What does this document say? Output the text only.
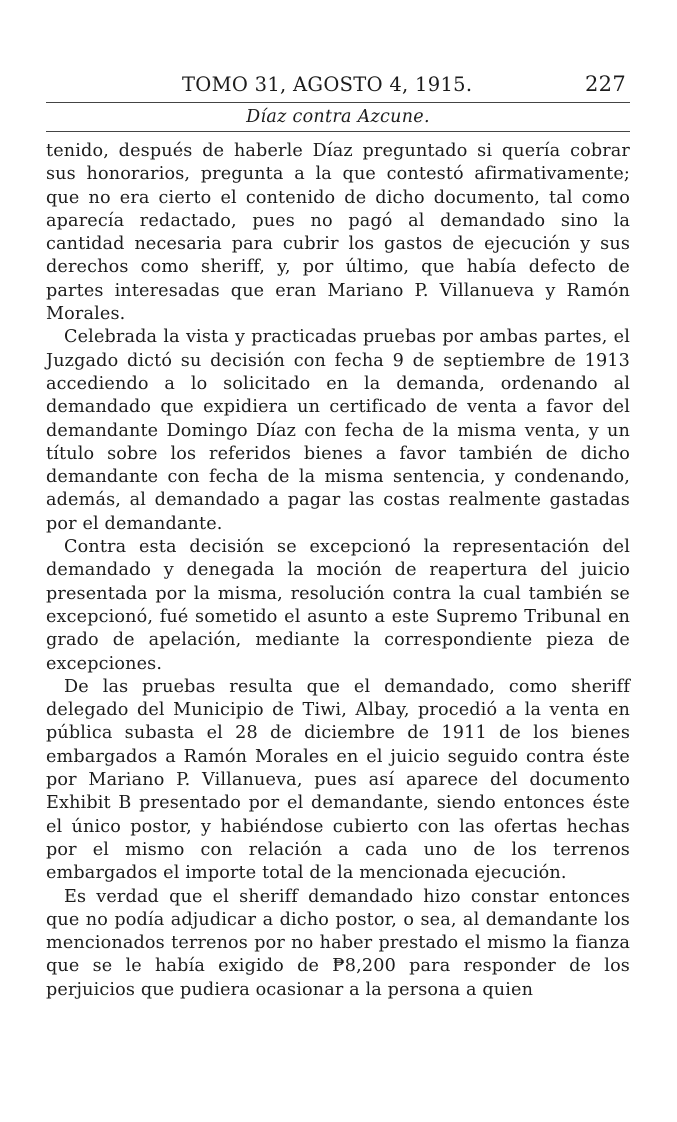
TOMO 31, AGOSTO 4, 1915.	227
Díaz contra Azcune.

tenido, después de haberle Díaz preguntado si quería cobrar sus honorarios, pregunta a la que contestó afirmativamente; que no era cierto el contenido de dicho documento, tal como aparecía redactado, pues no pagó al demandado sino la cantidad necesaria para cubrir los gastos de ejecución y sus derechos como sheriff, y, por último, que había defecto de partes interesadas que eran Mariano P. Villanueva y Ramón Morales.

Celebrada la vista y practicadas pruebas por ambas partes, el Juzgado dictó su decisión con fecha 9 de septiembre de 1913 accediendo a lo solicitado en la demanda, ordenando al demandado que expidiera un certificado de venta a favor del demandante Domingo Díaz con fecha de la misma venta, y un título sobre los referidos bienes a favor también de dicho demandante con fecha de la misma sentencia, y condenando, además, al demandado a pagar las costas realmente gastadas por el demandante.

Contra esta decisión se excepcionó la representación del demandado y denegada la moción de reapertura del juicio presentada por la misma, resolución contra la cual también se excepcionó, fué sometido el asunto a este Supremo Tribunal en grado de apelación, mediante la correspondiente pieza de excepciones.

De las pruebas resulta que el demandado, como sheriff delegado del Municipio de Tiwi, Albay, procedió a la venta en pública subasta el 28 de diciembre de 1911 de los bienes embargados a Ramón Morales en el juicio seguido contra éste por Mariano P. Villanueva, pues así aparece del documento Exhibit B presentado por el demandante, siendo entonces éste el único postor, y habiéndose cubierto con las ofertas hechas por el mismo con relación a cada uno de los terrenos embargados el importe total de la mencionada ejecución.

Es verdad que el sheriff demandado hizo constar entonces que no podía adjudicar a dicho postor, o sea, al demandante los mencionados terrenos por no haber prestado el mismo la fianza que se le había exigido de ₱8,200 para responder de los perjuicios que pudiera ocasionar a la persona a quien
